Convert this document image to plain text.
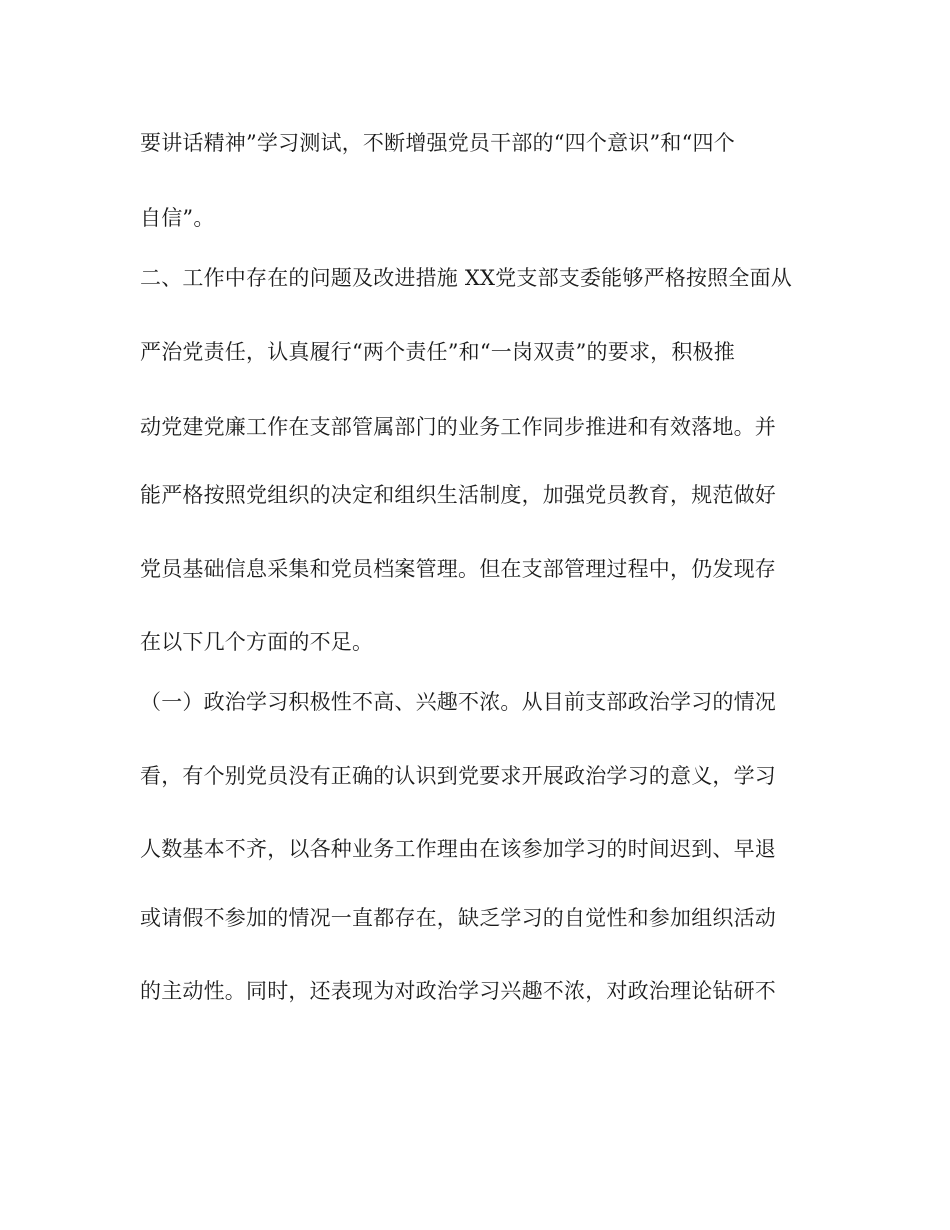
要讲话精神”学习测试，不断增强党员干部的“四个意识”和“四个
自信”。
二、工作中存在的问题及改进措施 XX党支部支委能够严格按照全面从
严治党责任，认真履行“两个责任”和“一岗双责”的要求，积极推
动党建党廉工作在支部管属部门的业务工作同步推进和有效落地。并
能严格按照党组织的决定和组织生活制度，加强党员教育，规范做好
党员基础信息采集和党员档案管理。但在支部管理过程中，仍发现存
在以下几个方面的不足。
（一）政治学习积极性不高、兴趣不浓。从目前支部政治学习的情况
看，有个别党员没有正确的认识到党要求开展政治学习的意义，学习
人数基本不齐，以各种业务工作理由在该参加学习的时间迟到、早退
或请假不参加的情况一直都存在，缺乏学习的自觉性和参加组织活动
的主动性。同时，还表现为对政治学习兴趣不浓，对政治理论钻研不
